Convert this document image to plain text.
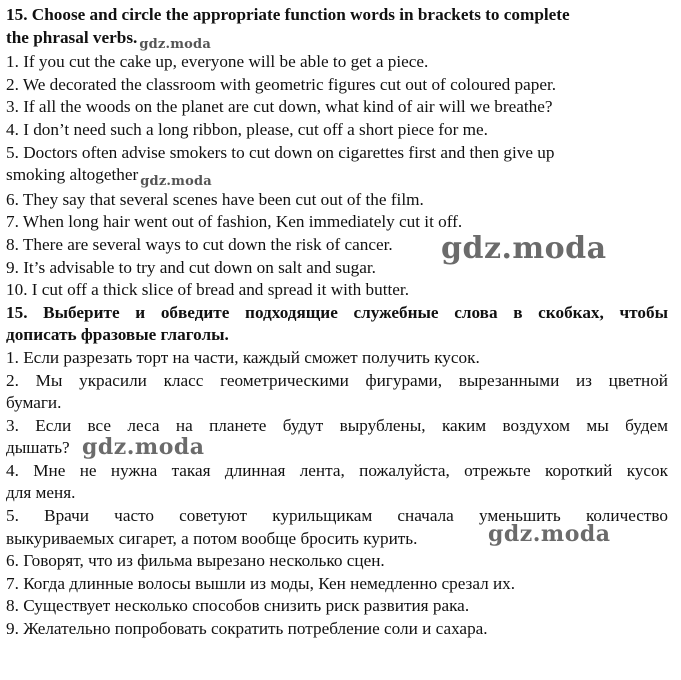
15. Choose and circle the appropriate function words in brackets to complete
the phrasal verbs. $_{gdz.moda}$
1. If you cut the cake up, everyone will be able to get a piece.
2. We decorated the classroom with geometric figures cut out of coloured paper.
3. If all the woods on the planet are cut down, what kind of air will we breathe?
4. I don’t need such a long ribbon, please, cut off a short piece for me.
5. Doctors often advise smokers to cut down on cigarettes first and then give up
smoking altogether $_{gdz.moda}$
6. They say that several scenes have been cut out of the film.
7. When long hair went out of fashion, Ken immediately cut it off.
8. There are several ways to cut down the risk of cancer.
9. It’s advisable to try and cut down on salt and sugar.
10. I cut off a thick slice of bread and spread it with butter.
15. Выберите и обведите подходящие служебные слова в скобках, чтобы
дописать фразовые глаголы.
1. Если разрезать торт на части, каждый сможет получить кусок.
2. Мы украсили класс геометрическими фигурами, вырезанными из цветной
бумаги.
3. Если все леса на планете будут вырублены, каким воздухом мы будем
дышать?
4. Мне не нужна такая длинная лента, пожалуйста, отрежьте короткий кусок
для меня.
5. Врачи часто советуют курильщикам сначала уменьшить количество
выкуриваемых сигарет, а потом вообще бросить курить.
6. Говорят, что из фильма вырезано несколько сцен.
7. Когда длинные волосы вышли из моды, Кен немедленно срезал их.
8. Существует несколько способов снизить риск развития рака.
9. Желательно попробовать сократить потребление соли и сахара.
gdz.moda
gdz.moda
gdz.moda
